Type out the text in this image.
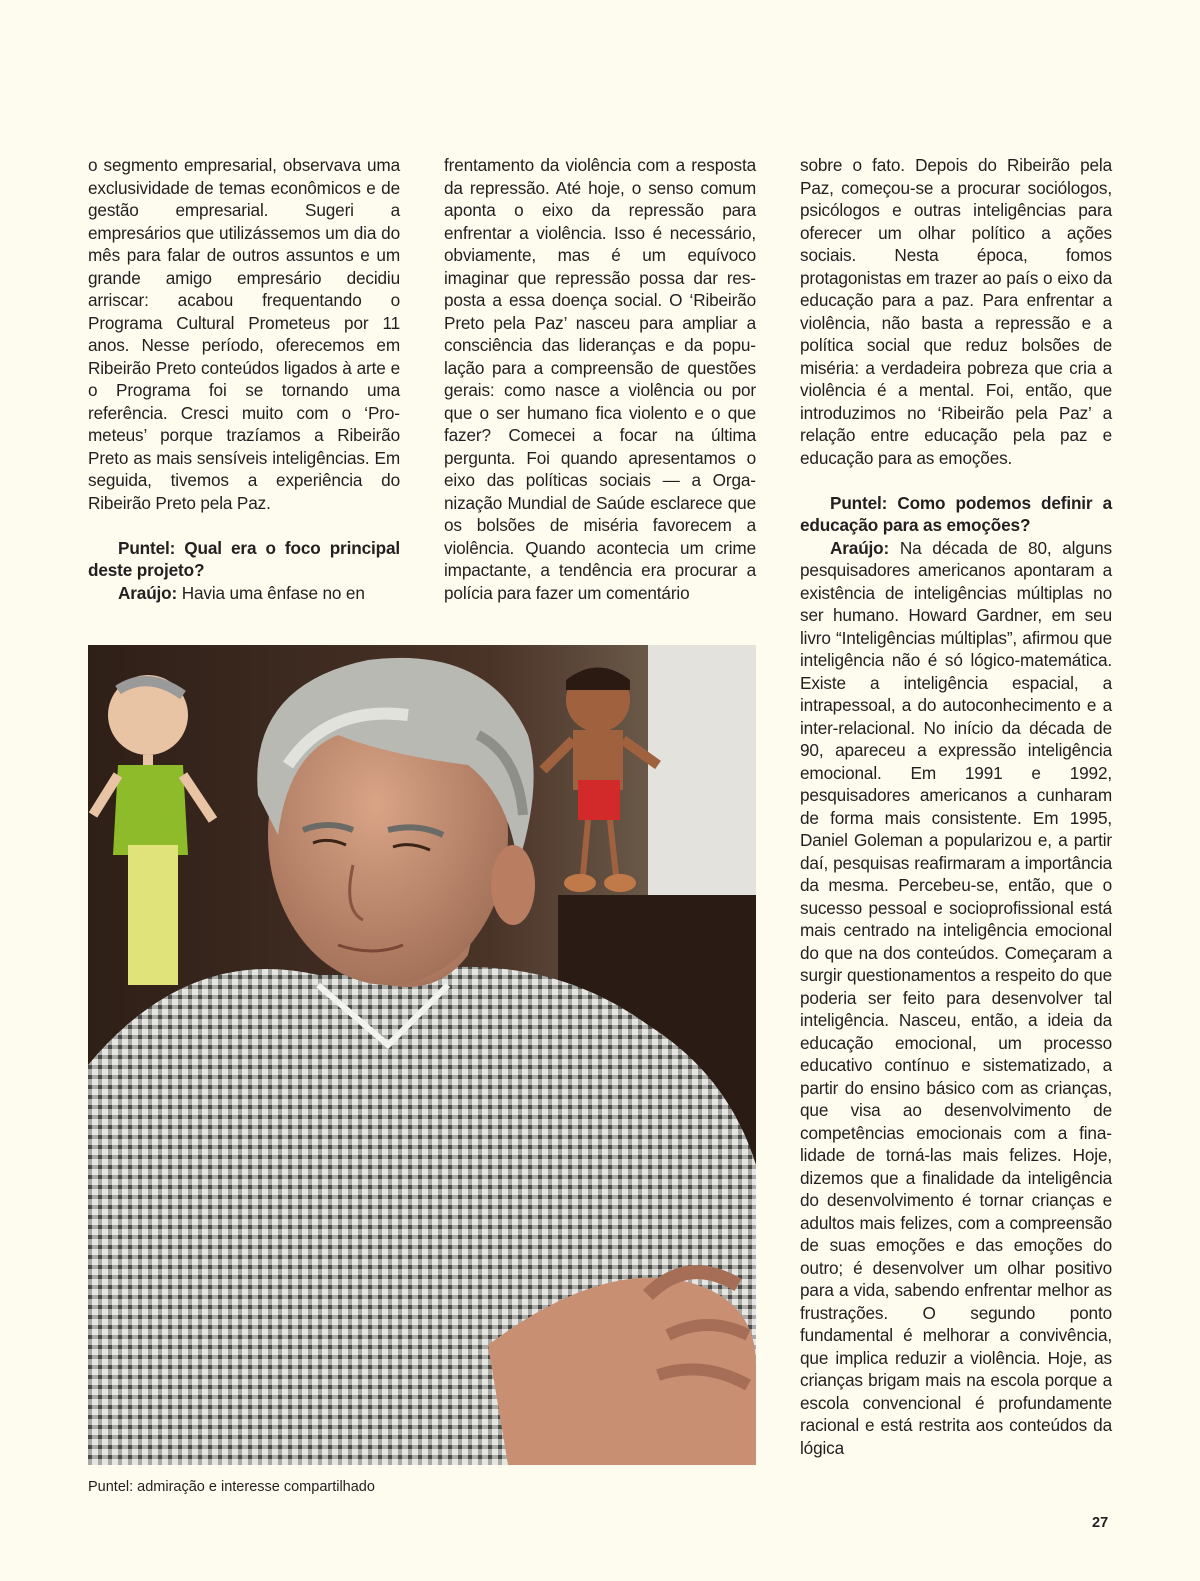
o segmento empresarial, observava uma exclusividade de temas econômicos e de gestão empresarial. Sugeri a empresários que utilizássemos um dia do mês para falar de outros assuntos e um grande amigo empresário decidiu arriscar: acabou frequentando o Programa Cultural Prometeus por 11 anos. Nesse período, oferecemos em Ribeirão Preto conteúdos ligados à arte e o Programa foi se tornando uma referência. Cresci muito com o ‘Prometeus’ porque trazíamos a Ribeirão Preto as mais sensíveis inteligências. Em seguida, tivemos a experiência do Ribeirão Preto pela Paz.

Puntel: Qual era o foco principal deste projeto?

Araújo: Havia uma ênfase no en

frentamento da violência com a resposta da repressão. Até hoje, o senso comum aponta o eixo da repressão para enfrentar a violência. Isso é necessário, obviamente, mas é um equívoco imaginar que repressão possa dar resposta a essa doença social. O ‘Ribeirão Preto pela Paz’ nasceu para ampliar a consciência das lideranças e da população para a compreensão de questões gerais: como nasce a violência ou por que o ser humano fica violento e o que fazer? Comecei a focar na última pergunta. Foi quando apresentamos o eixo das políticas sociais — a Organização Mundial de Saúde esclarece que os bolsões de miséria favorecem a violência. Quando acontecia um crime impactante, a tendência era procurar a polícia para fazer um comentário

sobre o fato. Depois do Ribeirão pela Paz, começou-se a procurar sociólogos, psicólogos e outras inteligências para oferecer um olhar político a ações sociais. Nesta época, fomos protagonistas em trazer ao país o eixo da educação para a paz. Para enfrentar a violência, não basta a repressão e a política social que reduz bolsões de miséria: a verdadeira pobreza que cria a violência é a mental. Foi, então, que introduzimos no ‘Ribeirão pela Paz’ a relação entre educação pela paz e educação para as emoções.

Puntel: Como podemos definir a educação para as emoções?

Araújo: Na década de 80, alguns pesquisadores americanos apontaram a existência de inteligências múltiplas no ser humano. Howard Gardner, em seu livro “Inteligências múltiplas”, afirmou que inteligência não é só lógico-matemática. Existe a inteligência espacial, a intrapessoal, a do autoconhecimento e a inter-relacional. No início da década de 90, apareceu a expressão inteligência emocional. Em 1991 e 1992, pesquisadores americanos a cunharam de forma mais consistente. Em 1995, Daniel Goleman a popularizou e, a partir daí, pesquisas reafirmaram a importância da mesma. Percebeu-se, então, que o sucesso pessoal e socioprofissional está mais centrado na inteligência emocional do que na dos conteúdos. Começaram a surgir questionamentos a respeito do que poderia ser feito para desenvolver tal inteligência. Nasceu, então, a ideia da educação emocional, um processo educativo contínuo e sistematizado, a partir do ensino básico com as crianças, que visa ao desenvolvimento de competências emocionais com a finalidade de torná-las mais felizes. Hoje, dizemos que a finalidade da inteligência do desenvolvimento é tornar crianças e adultos mais felizes, com a compreensão de suas emoções e das emoções do outro; é desenvolver um olhar positivo para a vida, sabendo enfrentar melhor as frustrações. O segundo ponto fundamental é melhorar a convivência, que implica reduzir a violência. Hoje, as crianças brigam mais na escola porque a escola convencional é profundamente racional e está restrita aos conteúdos da lógica

Puntel: admiração e interesse compartilhado
27
